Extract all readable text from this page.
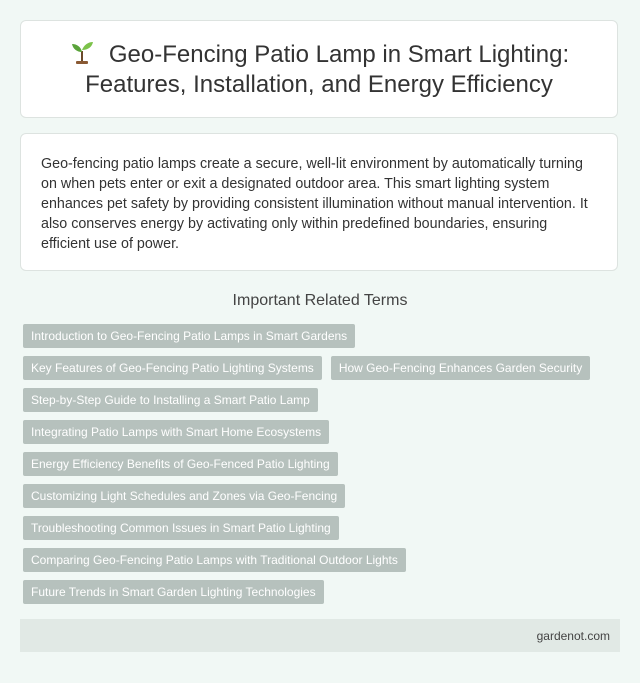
Geo-Fencing Patio Lamp in Smart Lighting: Features, Installation, and Energy Efficiency

Geo-fencing patio lamps create a secure, well-lit environment by automatically turning on when pets enter or exit a designated outdoor area. This smart lighting system enhances pet safety by providing consistent illumination without manual intervention. It also conserves energy by activating only within predefined boundaries, ensuring efficient use of power.

Important Related Terms
Introduction to Geo-Fencing Patio Lamps in Smart Gardens
Key Features of Geo-Fencing Patio Lighting Systems	How Geo-Fencing Enhances Garden Security
Step-by-Step Guide to Installing a Smart Patio Lamp
Integrating Patio Lamps with Smart Home Ecosystems
Energy Efficiency Benefits of Geo-Fenced Patio Lighting
Customizing Light Schedules and Zones via Geo-Fencing
Troubleshooting Common Issues in Smart Patio Lighting
Comparing Geo-Fencing Patio Lamps with Traditional Outdoor Lights
Future Trends in Smart Garden Lighting Technologies
gardenot.com
